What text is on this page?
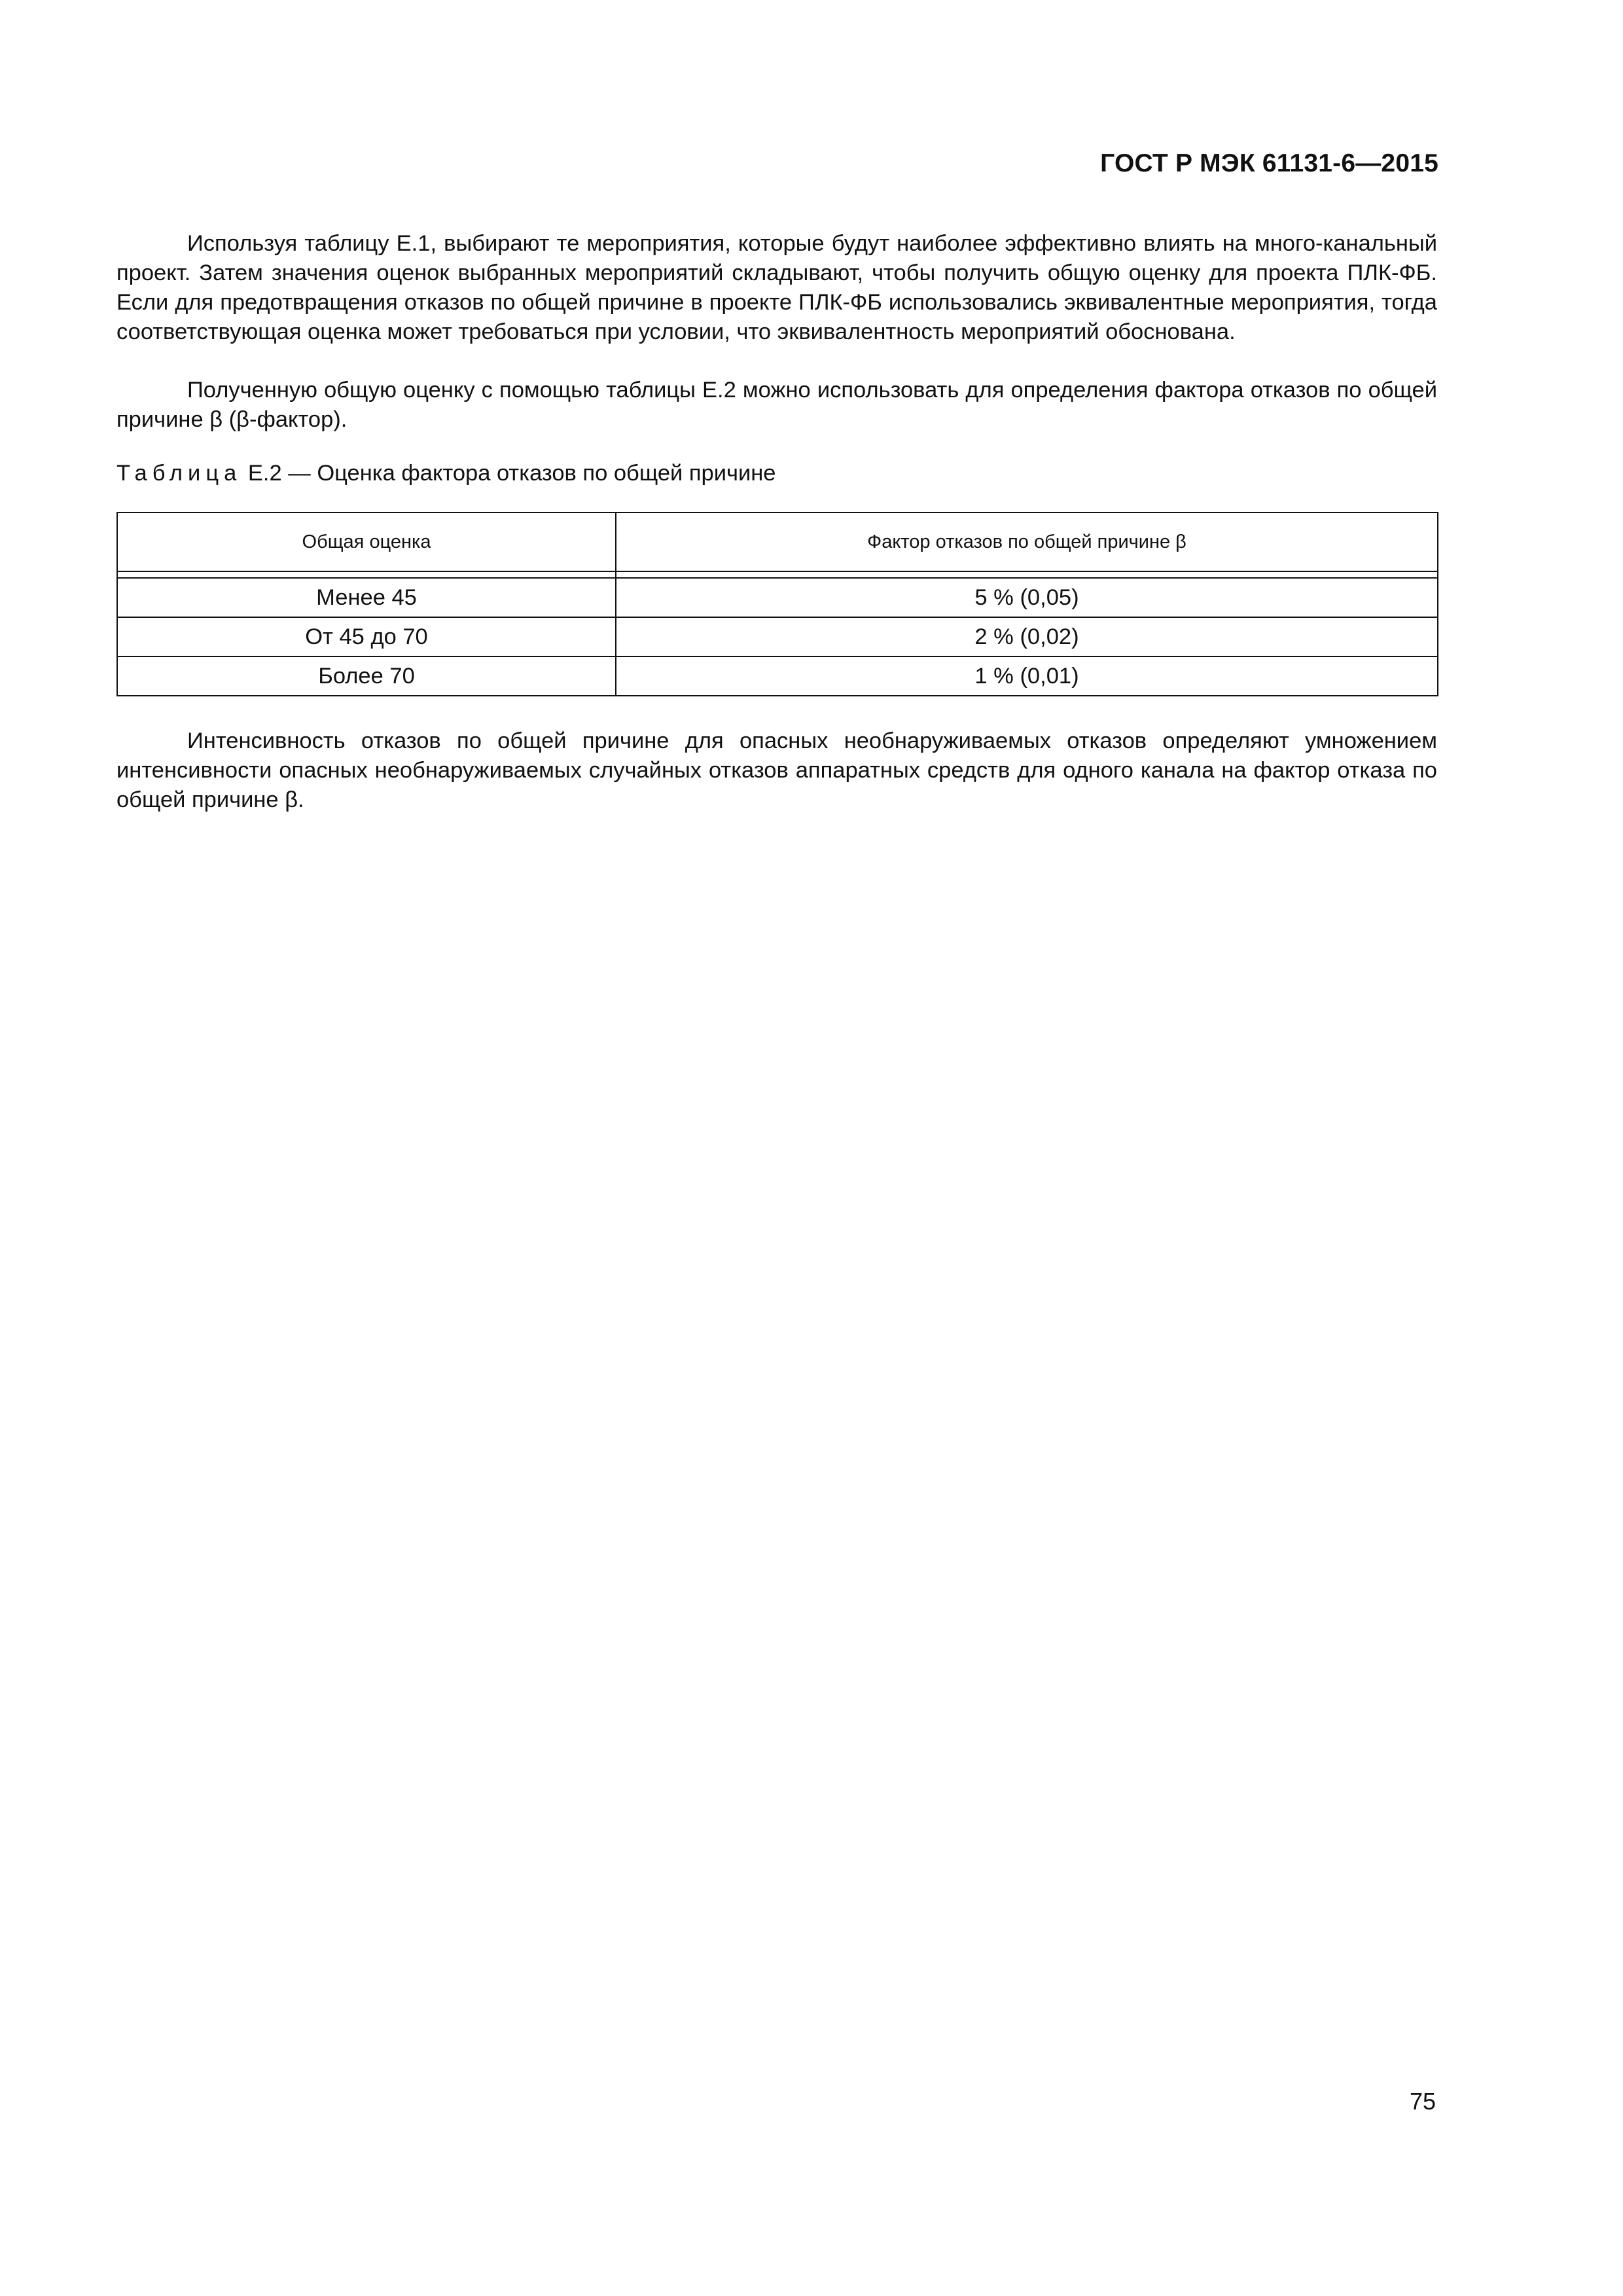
ГОСТ Р МЭК 61131-6—2015

Используя таблицу Е.1, выбирают те мероприятия, которые будут наиболее эффективно влиять на много-канальный проект. Затем значения оценок выбранных мероприятий складывают, чтобы получить общую оценку для проекта ПЛК-ФБ. Если для предотвращения отказов по общей причине в проекте ПЛК-ФБ использовались эквивалентные мероприятия, тогда соответствующая оценка может требоваться при условии, что эквивалентность мероприятий обоснована.

Полученную общую оценку с помощью таблицы Е.2 можно использовать для определения фактора отказов по общей причине β (β-фактор).

Таблица Е.2 — Оценка фактора отказов по общей причине
Общая оценка	Фактор отказов по общей причине β

Менее 45	5 % (0,05)
От 45 до 70	2 % (0,02)
Более 70	1 % (0,01)

Интенсивность отказов по общей причине для опасных необнаруживаемых отказов определяют умножением интенсивности опасных необнаруживаемых случайных отказов аппаратных средств для одного канала на фактор отказа по общей причине β.

75
